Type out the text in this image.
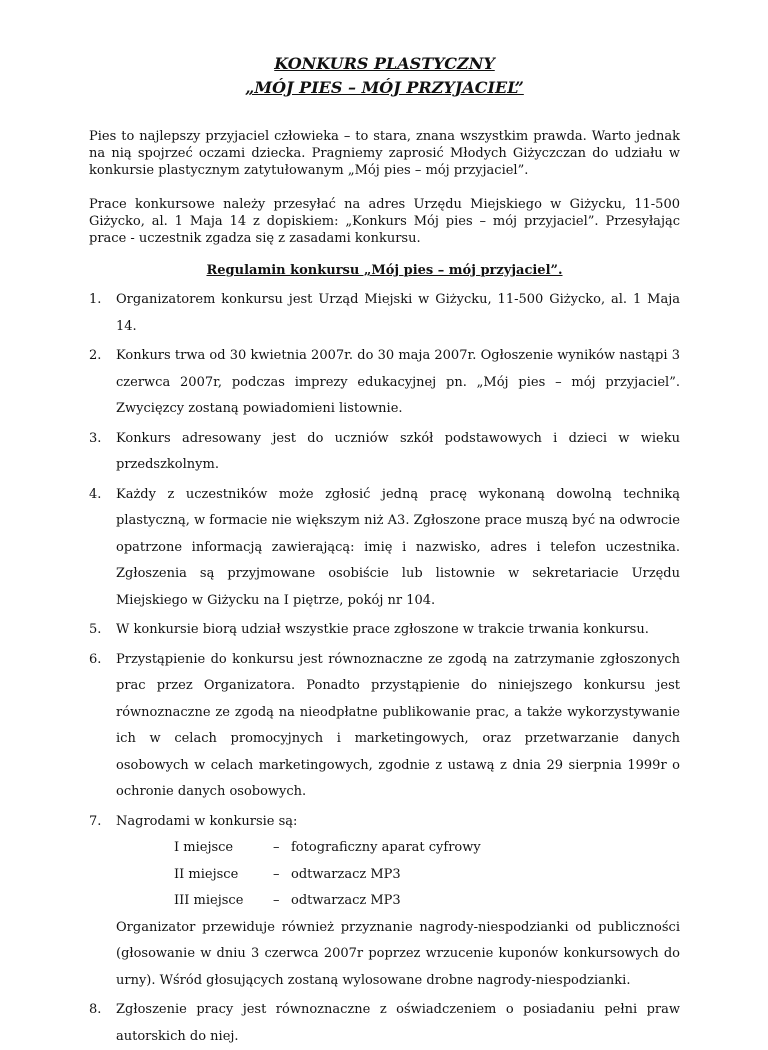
KONKURS PLASTYCZNY
„MÓJ PIES – MÓJ PRZYJACIEL”

Pies to najlepszy przyjaciel człowieka – to stara, znana wszystkim prawda. Warto jednak na nią spojrzeć oczami dziecka. Pragniemy zaprosić Młodych Giżyczczan do udziału w konkursie plastycznym zatytułowanym „Mój pies – mój przyjaciel”.

Prace konkursowe należy przesyłać na adres Urzędu Miejskiego w Giżycku, 11-500 Giżycko, al. 1 Maja 14 z dopiskiem: „Konkurs Mój pies – mój przyjaciel”. Przesyłając prace - uczestnik zgadza się z zasadami konkursu.

Regulamin konkursu „Mój pies – mój przyjaciel”.
1. Organizatorem konkursu jest Urząd Miejski w Giżycku, 11-500 Giżycko, al. 1 Maja 14.
2. Konkurs trwa od 30 kwietnia 2007r. do 30 maja 2007r. Ogłoszenie wyników nastąpi 3 czerwca 2007r, podczas imprezy edukacyjnej pn. „Mój pies – mój przyjaciel”. Zwycięzcy zostaną powiadomieni listownie.
3. Konkurs adresowany jest do uczniów szkół podstawowych i dzieci w wieku przedszkolnym.
4. Każdy z uczestników może zgłosić jedną pracę wykonaną dowolną techniką plastyczną, w formacie nie większym niż A3. Zgłoszone prace muszą być na odwrocie opatrzone informacją zawierającą: imię i nazwisko, adres i telefon uczestnika. Zgłoszenia są przyjmowane osobiście lub listownie w sekretariacie Urzędu Miejskiego w Giżycku na I piętrze, pokój nr 104.
5. W konkursie biorą udział wszystkie prace zgłoszone w trakcie trwania konkursu.
6. Przystąpienie do konkursu jest równoznaczne ze zgodą na zatrzymanie zgłoszonych prac przez Organizatora. Ponadto przystąpienie do niniejszego konkursu jest równoznaczne ze zgodą na nieodpłatne publikowanie prac, a także wykorzystywanie ich w celach promocyjnych i marketingowych, oraz przetwarzanie danych osobowych w celach marketingowych, zgodnie z ustawą z dnia 29 sierpnia 1999r o ochronie danych osobowych.
7. Nagrodami w konkursie są:
I miejsce	– fotograficzny aparat cyfrowy
II miejsce	– odtwarzacz MP3
III miejsce	– odtwarzacz MP3
Organizator przewiduje również przyznanie nagrody-niespodzianki od publiczności (głosowanie w dniu 3 czerwca 2007r poprzez wrzucenie kuponów konkursowych do urny). Wśród głosujących zostaną wylosowane drobne nagrody-niespodzianki.
8. Zgłoszenie pracy jest równoznaczne z oświadczeniem o posiadaniu pełni praw autorskich do niej.
